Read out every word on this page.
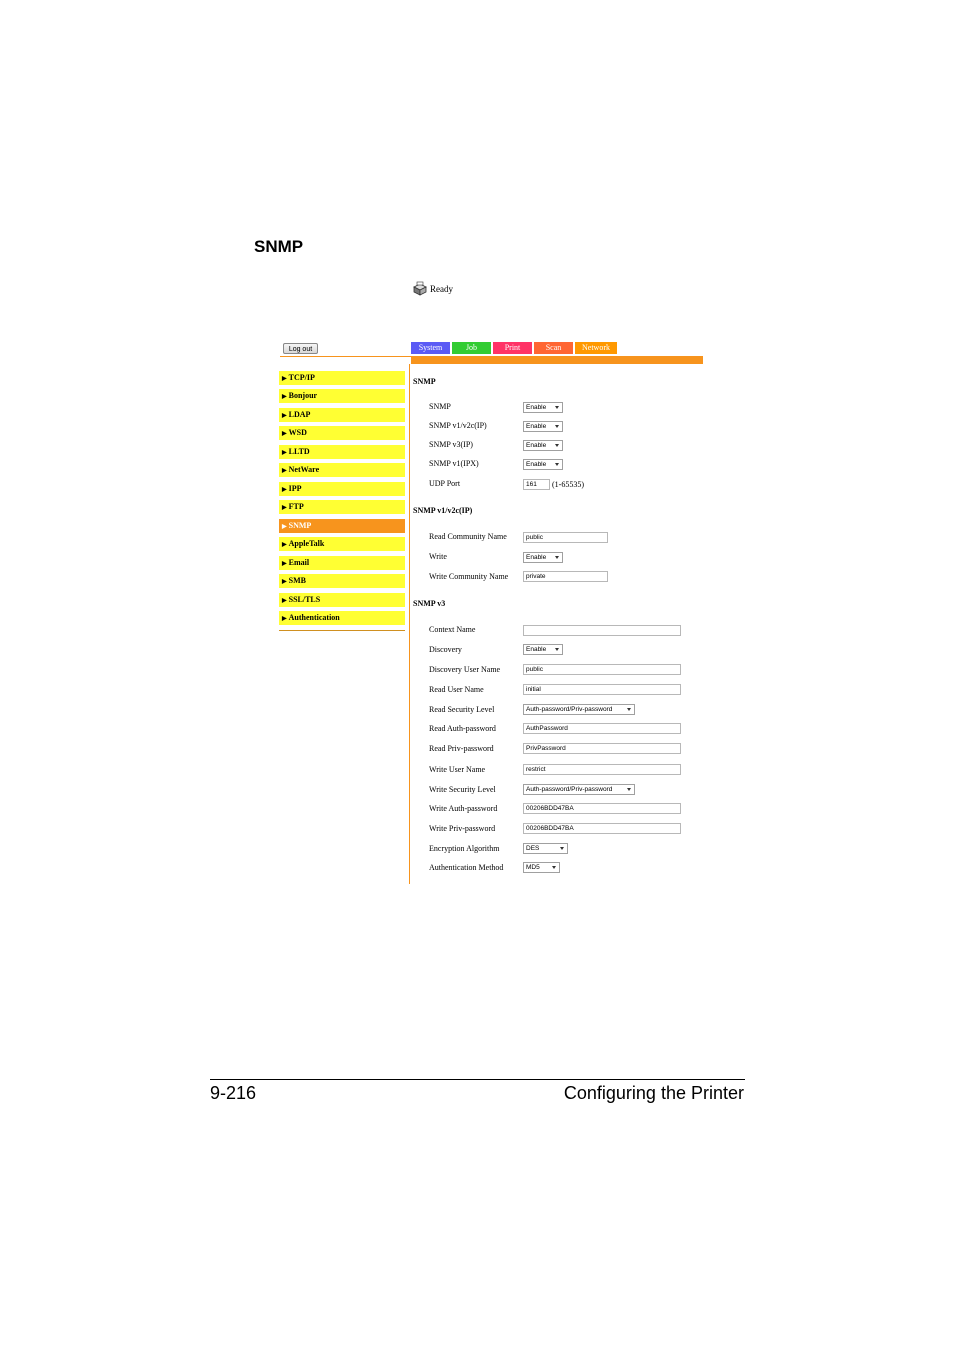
SNMP
Ready
Log out	System	Job	Print	Scan	Network
▶ TCP/IP
▶ Bonjour
▶ LDAP
▶ WSD
▶ LLTD
▶ NetWare
▶ IPP
▶ FTP
▶ SNMP
▶ AppleTalk
▶ Email
▶ SMB
▶ SSL/TLS
▶ Authentication
SNMP
SNMP	Enable
SNMP v1/v2c(IP)	Enable
SNMP v3(IP)	Enable
SNMP v1(IPX)	Enable
UDP Port	161	(1-65535)
SNMP v1/v2c(IP)
Read Community Name	public
Write	Enable
Write Community Name	private
SNMP v3
Context Name
Discovery	Enable
Discovery User Name	public
Read User Name	initial
Read Security Level	Auth-password/Priv-password
Read Auth-password	AuthPassword
Read Priv-password	PrivPassword
Write User Name	restrict
Write Security Level	Auth-password/Priv-password
Write Auth-password	00206BDD47BA
Write Priv-password	00206BDD47BA
Encryption Algorithm	DES
Authentication Method	MD5
9-216	Configuring the Printer
